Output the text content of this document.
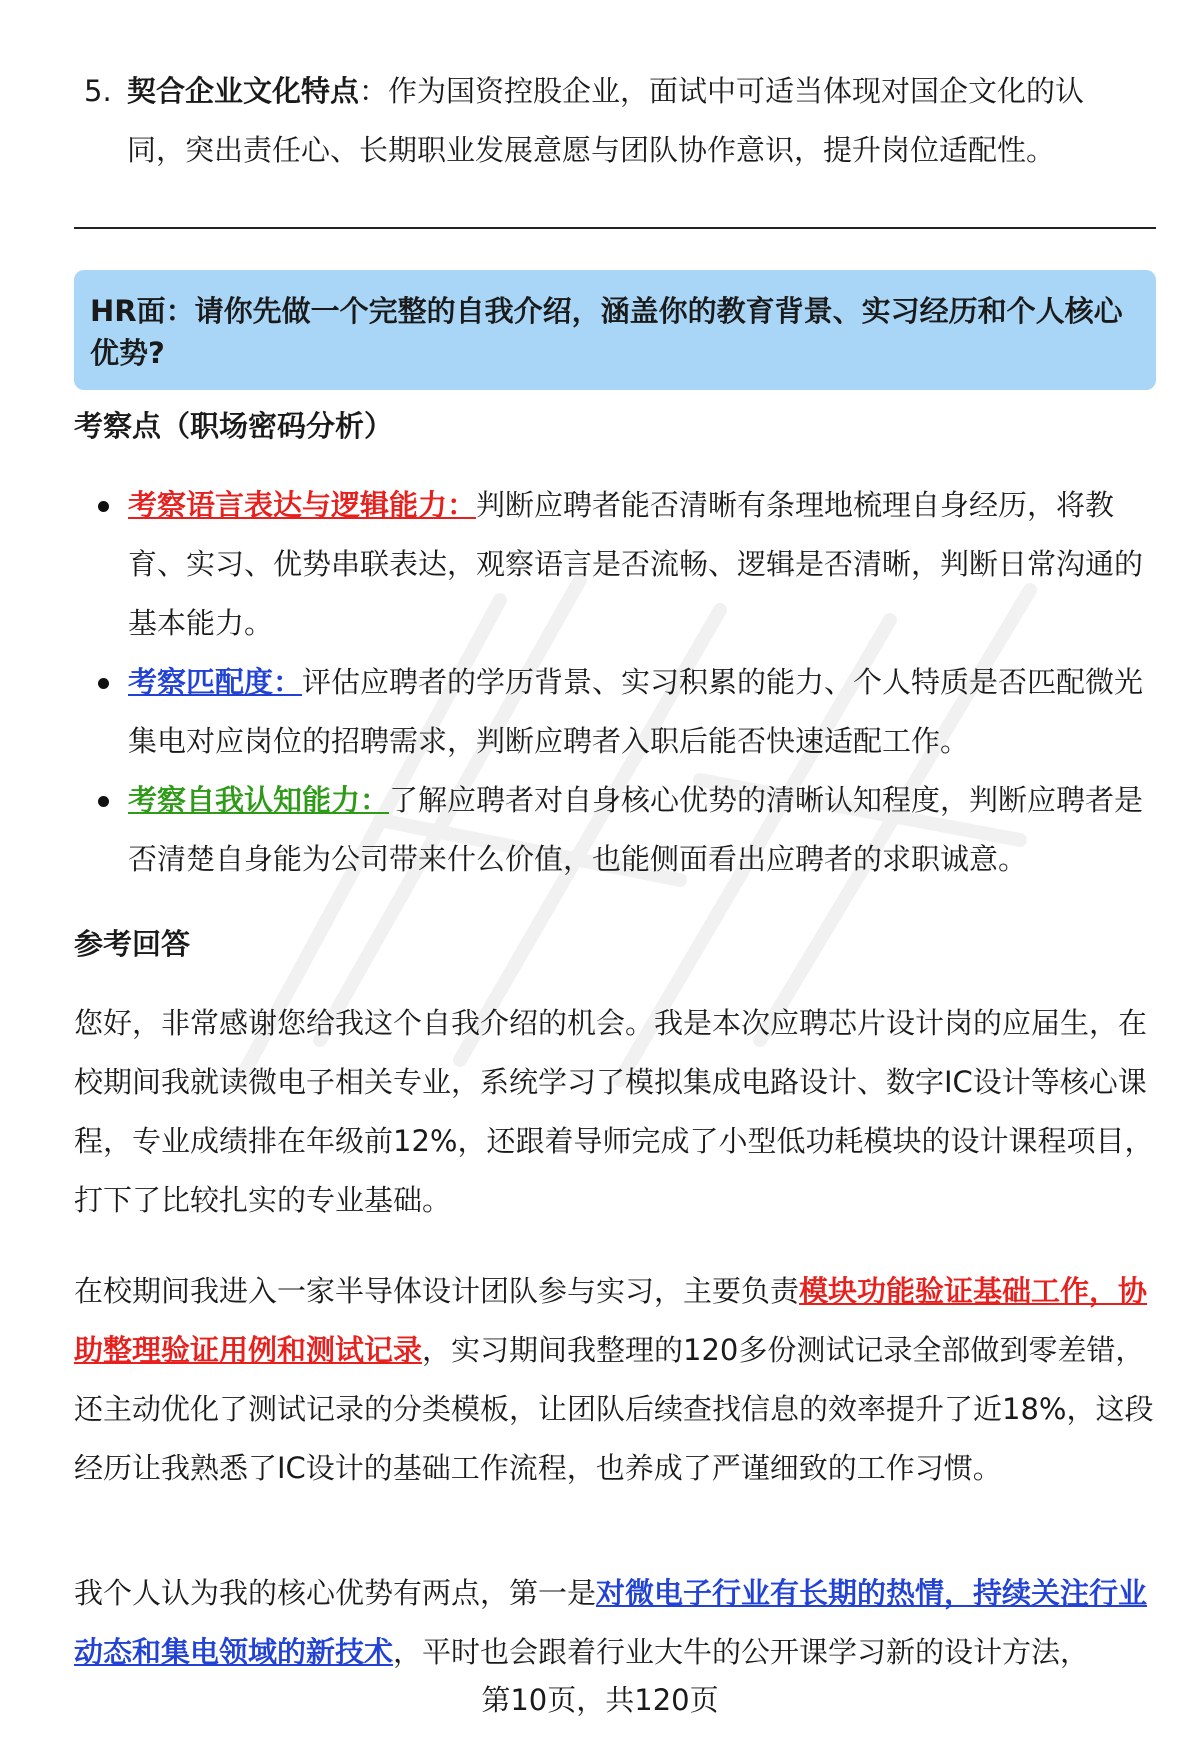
5. 契合企业文化特点：作为国资控股企业，面试中可适当体现对国企文化的认同，突出责任心、长期职业发展意愿与团队协作意识，提升岗位适配性。
HR面：请你先做一个完整的自我介绍，涵盖你的教育背景、实习经历和个人核心优势?
考察点（职场密码分析）

考察语言表达与逻辑能力：判断应聘者能否清晰有条理地梳理自身经历，将教育、实习、优势串联表达，观察语言是否流畅、逻辑是否清晰，判断日常沟通的基本能力。

考察匹配度：评估应聘者的学历背景、实习积累的能力、个人特质是否匹配微光集电对应岗位的招聘需求，判断应聘者入职后能否快速适配工作。

考察自我认知能力：了解应聘者对自身核心优势的清晰认知程度，判断应聘者是否清楚自身能为公司带来什么价值，也能侧面看出应聘者的求职诚意。

参考回答
您好，非常感谢您给我这个自我介绍的机会。我是本次应聘芯片设计岗的应届生，在校期间我就读微电子相关专业，系统学习了模拟集成电路设计、数字IC设计等核心课程，专业成绩排在年级前12%，还跟着导师完成了小型低功耗模块的设计课程项目，打下了比较扎实的专业基础。
在校期间我进入一家半导体设计团队参与实习，主要负责模块功能验证基础工作，协助整理验证用例和测试记录，实习期间我整理的120多份测试记录全部做到零差错，还主动优化了测试记录的分类模板，让团队后续查找信息的效率提升了近18%，这段经历让我熟悉了IC设计的基础工作流程，也养成了严谨细致的工作习惯。
我个人认为我的核心优势有两点，第一是对微电子行业有长期的热情，持续关注行业动态和集电领域的新技术，平时也会跟着行业大牛的公开课学习新的设计方法，
第10页，共120页
